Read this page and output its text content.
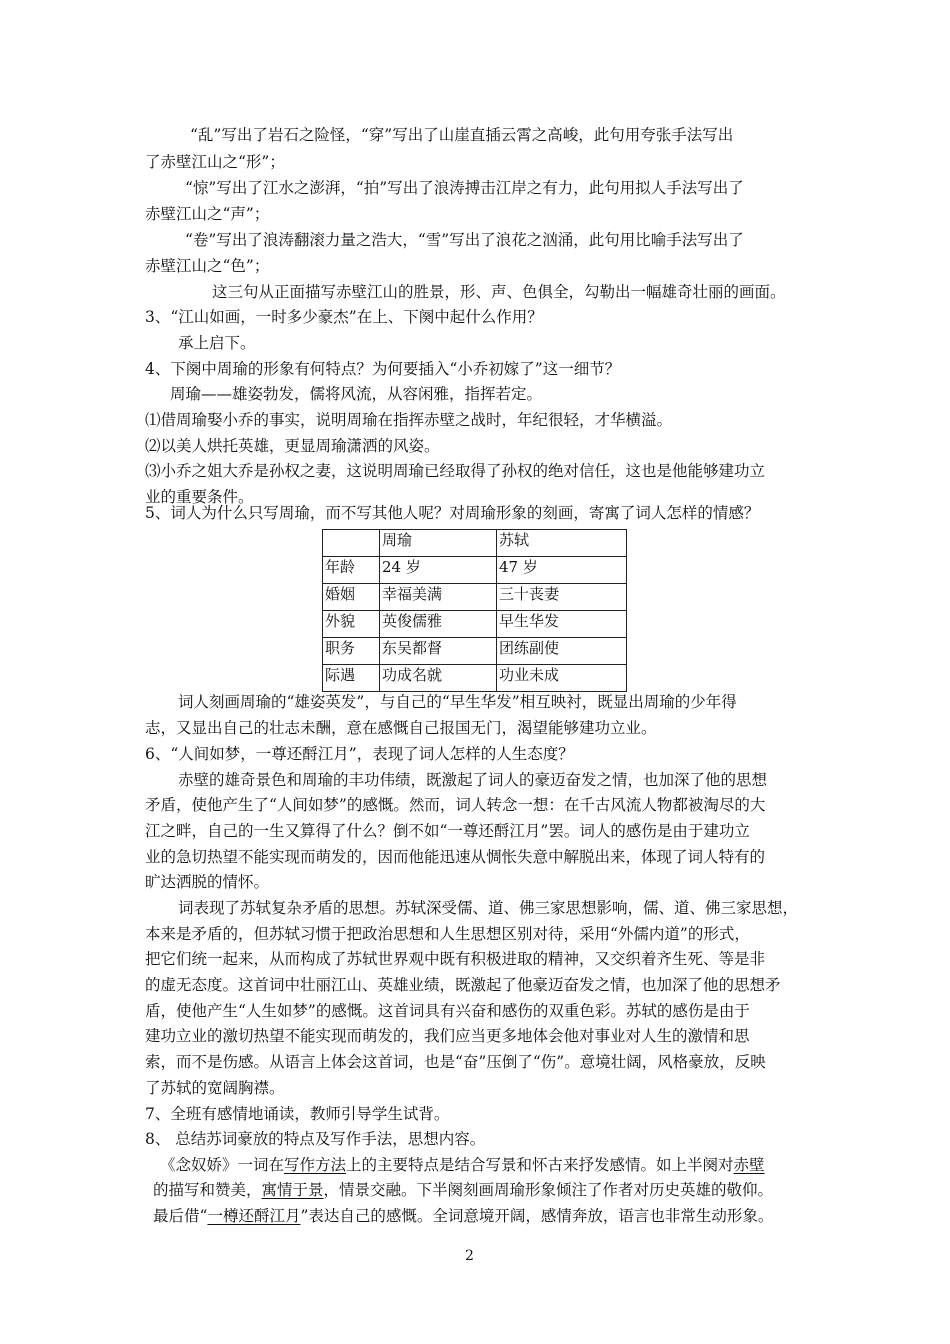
“乱”写出了岩石之险怪，“穿”写出了山崖直插云霄之高峻，此句用夸张手法写出
了赤壁江山之“形”；
“惊”写出了江水之澎湃，“拍”写出了浪涛搏击江岸之有力，此句用拟人手法写出了
赤壁江山之“声”；
“卷”写出了浪涛翻滚力量之浩大，“雪”写出了浪花之汹涌，此句用比喻手法写出了
赤壁江山之“色”；
这三句从正面描写赤壁江山的胜景，形、声、色俱全，勾勒出一幅雄奇壮丽的画面。
3、“江山如画，一时多少豪杰”在上、下阕中起什么作用？
承上启下。
4、下阕中周瑜的形象有何特点？为何要插入“小乔初嫁了”这一细节？
周瑜——雄姿勃发，儒将风流，从容闲雅，指挥若定。
⑴借周瑜娶小乔的事实，说明周瑜在指挥赤壁之战时，年纪很轻，才华横溢。
⑵以美人烘托英雄，更显周瑜潇洒的风姿。
⑶小乔之姐大乔是孙权之妻，这说明周瑜已经取得了孙权的绝对信任，这也是他能够建功立
业的重要条件。
5、词人为什么只写周瑜，而不写其他人呢？对周瑜形象的刻画，寄寓了词人怎样的情感？
	周瑜	苏轼
年龄	24 岁	47 岁
婚姻	幸福美满	三十丧妻
外貌	英俊儒雅	早生华发
职务	东吴都督	团练副使
际遇	功成名就	功业未成
词人刻画周瑜的“雄姿英发”，与自己的“早生华发”相互映衬，既显出周瑜的少年得
志，又显出自己的壮志未酬，意在感慨自己报国无门，渴望能够建功立业。
6、“人间如梦，一尊还酹江月”，表现了词人怎样的人生态度？
赤壁的雄奇景色和周瑜的丰功伟绩，既激起了词人的豪迈奋发之情，也加深了他的思想
矛盾，使他产生了“人间如梦”的感慨。然而，词人转念一想：在千古风流人物都被淘尽的大
江之畔，自己的一生又算得了什么？倒不如“一尊还酹江月”罢。词人的感伤是由于建功立
业的急切热望不能实现而萌发的，因而他能迅速从惆怅失意中解脱出来，体现了词人特有的
旷达洒脱的情怀。
词表现了苏轼复杂矛盾的思想。苏轼深受儒、道、佛三家思想影响，儒、道、佛三家思想，
本来是矛盾的，但苏轼习惯于把政治思想和人生思想区别对待，采用“外儒内道”的形式，
把它们统一起来，从而构成了苏轼世界观中既有积极进取的精神，又交织着齐生死、等是非
的虚无态度。这首词中壮丽江山、英雄业绩，既激起了他豪迈奋发之情，也加深了他的思想矛
盾，使他产生“人生如梦”的感慨。这首词具有兴奋和感伤的双重色彩。苏轼的感伤是由于
建功立业的激切热望不能实现而萌发的，我们应当更多地体会他对事业对人生的激情和思
索，而不是伤感。从语言上体会这首词，也是“奋”压倒了“伤”。意境壮阔，风格豪放，反映
了苏轼的宽阔胸襟。
7、全班有感情地诵读，教师引导学生试背。
8、 总结苏词豪放的特点及写作手法，思想内容。
《念奴娇》一词在写作方法上的主要特点是结合写景和怀古来抒发感情。如上半阕对赤壁
的描写和赞美，寓情于景，情景交融。下半阕刻画周瑜形象倾注了作者对历史英雄的敬仰。
最后借“一樽还酹江月”表达自己的感慨。全词意境开阔，感情奔放，语言也非常生动形象。
2
